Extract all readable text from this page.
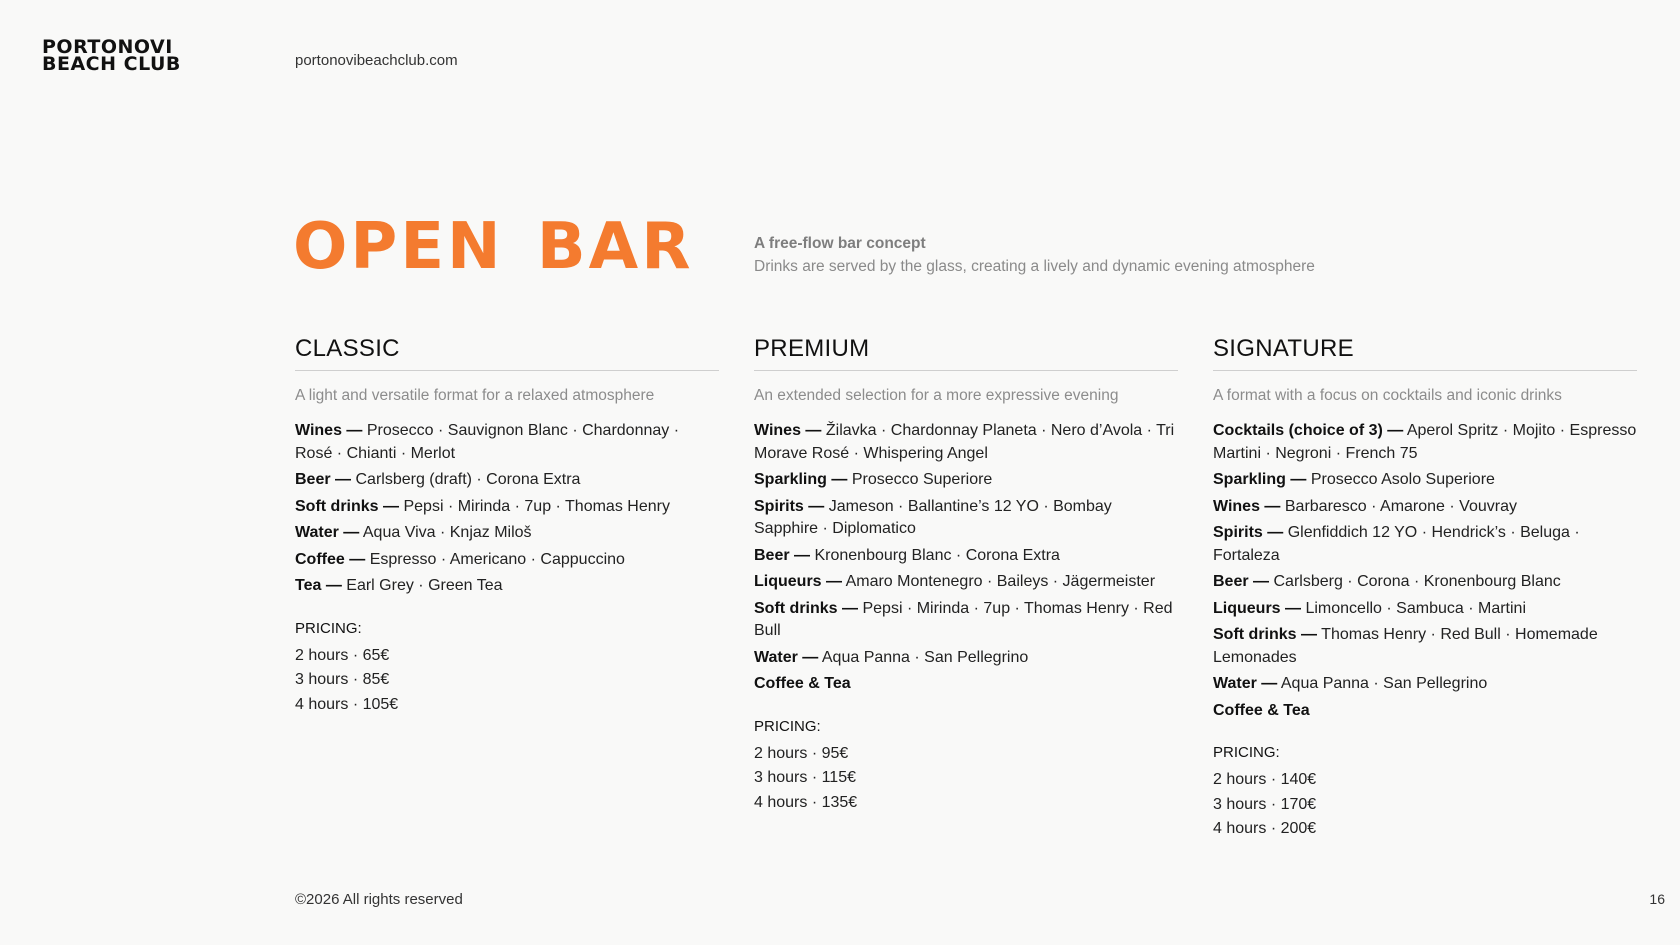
PORTONOVI
BEACH CLUB	portonovibeachclub.com
OPEN BAR	A free-flow bar concept
Drinks are served by the glass, creating a lively and dynamic evening atmosphere
CLASSIC

A light and versatile format for a relaxed atmosphere

Wines — Prosecco · Sauvignon Blanc · Chardonnay · Rosé · Chianti · Merlot

Beer — Carlsberg (draft) · Corona Extra

Soft drinks — Pepsi · Mirinda · 7up · Thomas Henry

Water — Aqua Viva · Knjaz Miloš

Coffee — Espresso · Americano · Cappuccino

Tea — Earl Grey · Green Tea

PRICING:

2 hours · 65€

3 hours · 85€

4 hours · 105€

PREMIUM

An extended selection for a more expressive evening

Wines — Žilavka · Chardonnay Planeta · Nero d’Avola · Tri Morave Rosé · Whispering Angel

Sparkling — Prosecco Superiore

Spirits — Jameson · Ballantine’s 12 YO · Bombay Sapphire · Diplomatico

Beer — Kronenbourg Blanc · Corona Extra

Liqueurs — Amaro Montenegro · Baileys · Jägermeister

Soft drinks — Pepsi · Mirinda · 7up · Thomas Henry · Red Bull

Water — Aqua Panna · San Pellegrino

Coffee & Tea

PRICING:

2 hours · 95€

3 hours · 115€

4 hours · 135€

SIGNATURE

A format with a focus on cocktails and iconic drinks

Cocktails (choice of 3) — Aperol Spritz · Mojito · Espresso Martini · Negroni · French 75

Sparkling — Prosecco Asolo Superiore

Wines — Barbaresco · Amarone · Vouvray

Spirits — Glenfiddich 12 YO · Hendrick’s · Beluga · Fortaleza

Beer — Carlsberg · Corona · Kronenbourg Blanc

Liqueurs — Limoncello · Sambuca · Martini

Soft drinks — Thomas Henry · Red Bull · Homemade Lemonades

Water — Aqua Panna · San Pellegrino

Coffee & Tea

PRICING:

2 hours · 140€

3 hours · 170€

4 hours · 200€

©2026 All rights reserved	16
